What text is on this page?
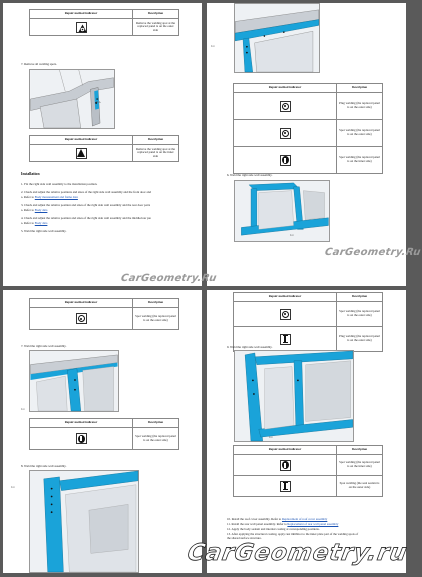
Repair method indicator	Description
	Remove the welding spot at the replaced panel is on the outer side
7. Remove all welding spots.
D-A
Repair method indicator	Description

	Remove the welding spot at the replaced panel is on the inner side
Installation
1. Fix the right side wall assembly to the installation position.
2. Check and adjust the relative positions and sizes of the right side wall assembly and the front door and
a. Refer to Body measurement and frame data
3. Check and adjust the relative position and sizes of the right side wall assembly and the rear door parts
a. Refer to Body data
4. Check and adjust the relative position and sizes of the right side wall assembly and the middle/rear pie
a. Refer to Body data
5. Weld the right side wall assembly.
0-4
Repair method indicator	Description

	Plug welding (the replaced panel is on the outer side)

	Spot welding (the replaced panel is on the outer side)

	Spot welding (the replaced panel is on the inner side)
6. Weld the right side wall assembly.
0-4
CarGeometry.Ru
Repair method indicator	Description

	Spot welding (the replaced panel is on the outer side)
7. Weld the right side wall assembly.
0-4
Repair method indicator	Description

	Spot welding (the replaced panel is on the outer side)
8. Weld the right side wall assembly.
0-4
Repair method indicator	Description

	Spot welding (the replaced panel is on the outer side)

	Plug welding (the replaced panel is on the outer side)
9. Weld the right side wall assembly.
0-4
Repair method indicator	Description

	Spot welding (the replaced panel is on the inner side)

	Spot welding (the seal sealant is on the outer side)
10. Install the roof cover assembly. Refer to Replacement of roof cover assembly
11. Install the rear wall panel assembly. Refer to Replacement of rear wall panel assembly
12. Apply the body sealant and internal coating at corresponding positions.
13. After applying the structural coating, apply rust inhibitor to the inner plate part of the welding spots of
the shared surface structure.
CarGeometry.Ru
CarGeometry.ru
